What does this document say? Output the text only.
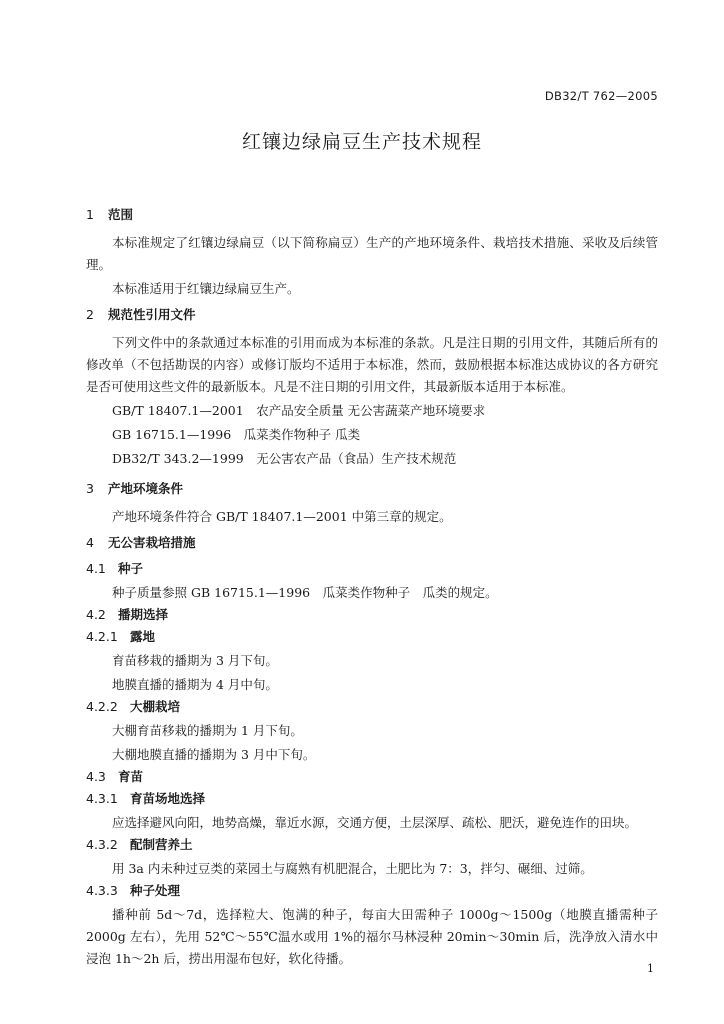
DB32/T 762—2005
红镶边绿扁豆生产技术规程
1 范围
本标准规定了红镶边绿扁豆（以下简称扁豆）生产的产地环境条件、栽培技术措施、采收及后续管理。
本标准适用于红镶边绿扁豆生产。
2 规范性引用文件
下列文件中的条款通过本标准的引用而成为本标准的条款。凡是注日期的引用文件，其随后所有的修改单（不包括勘误的内容）或修订版均不适用于本标准，然而，鼓励根据本标准达成协议的各方研究是否可使用这些文件的最新版本。凡是不注日期的引用文件，其最新版本适用于本标准。
GB/T 18407.1—2001　农产品安全质量 无公害蔬菜产地环境要求
GB 16715.1—1996　瓜菜类作物种子 瓜类
DB32/T 343.2—1999　无公害农产品（食品）生产技术规范
3 产地环境条件
产地环境条件符合 GB/T 18407.1—2001 中第三章的规定。
4 无公害栽培措施
4.1 种子
种子质量参照 GB 16715.1—1996　瓜菜类作物种子　瓜类的规定。
4.2 播期选择
4.2.1 露地
育苗移栽的播期为 3 月下旬。
地膜直播的播期为 4 月中旬。
4.2.2 大棚栽培
大棚育苗移栽的播期为 1 月下旬。
大棚地膜直播的播期为 3 月中下旬。
4.3 育苗
4.3.1 育苗场地选择
应选择避风向阳，地势高燥，靠近水源，交通方便，土层深厚、疏松、肥沃，避免连作的田块。
4.3.2 配制营养土
用 3a 内未种过豆类的菜园土与腐熟有机肥混合，土肥比为 7：3，拌匀、碾细、过筛。
4.3.3 种子处理
播种前 5d～7d，选择粒大、饱满的种子，每亩大田需种子 1000g～1500g（地膜直播需种子 2000g 左右），先用 52℃～55℃温水或用 1%的福尔马林浸种 20min～30min 后，洗净放入清水中浸泡 1h～2h 后，捞出用湿布包好，软化待播。
1
